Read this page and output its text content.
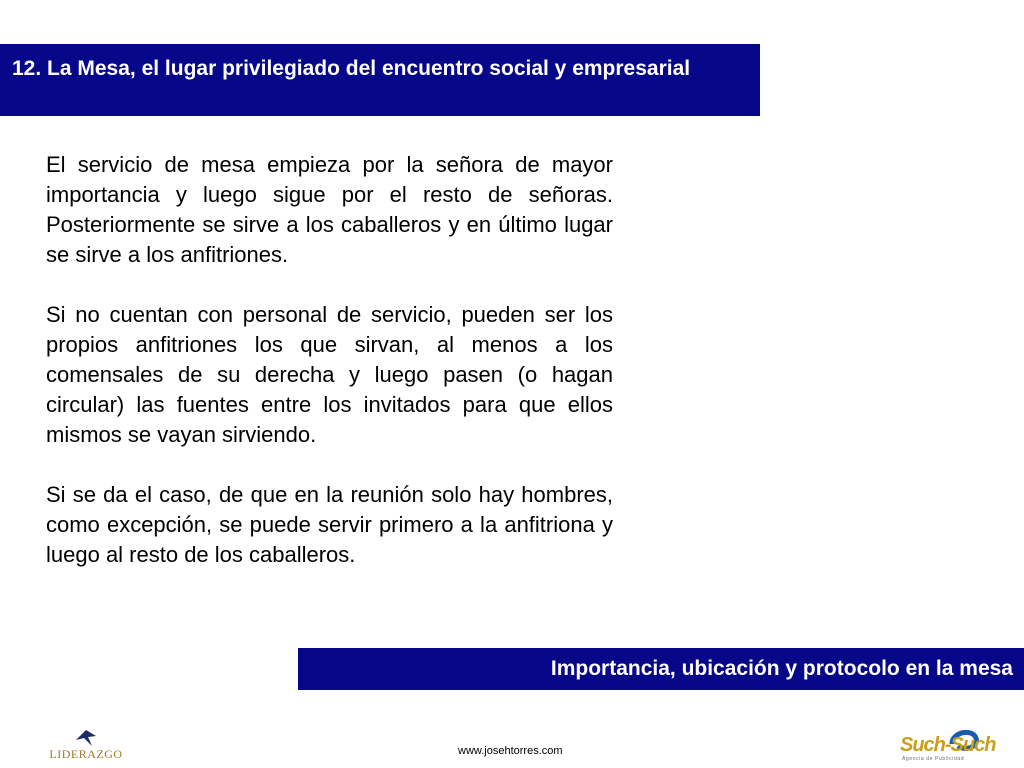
12. La Mesa, el lugar privilegiado del encuentro social y empresarial

El servicio de mesa empieza por la señora de mayor importancia y luego sigue por el resto de señoras. Posteriormente se sirve a los caballeros y en último lugar se sirve a los anfitriones.

Si no cuentan con personal de servicio, pueden ser los propios anfitriones los que sirvan, al menos a los comensales de su derecha y luego pasen (o hagan circular) las fuentes entre los invitados para que ellos mismos se vayan sirviendo.

Si se da el caso, de que en la reunión solo hay hombres, como excepción, se puede servir primero a la anfitriona y luego al resto de los caballeros.

Importancia, ubicación y protocolo en la mesa
LIDERAZGO	www.josehtorres.com	Such-Such
Agencia de Publicidad
